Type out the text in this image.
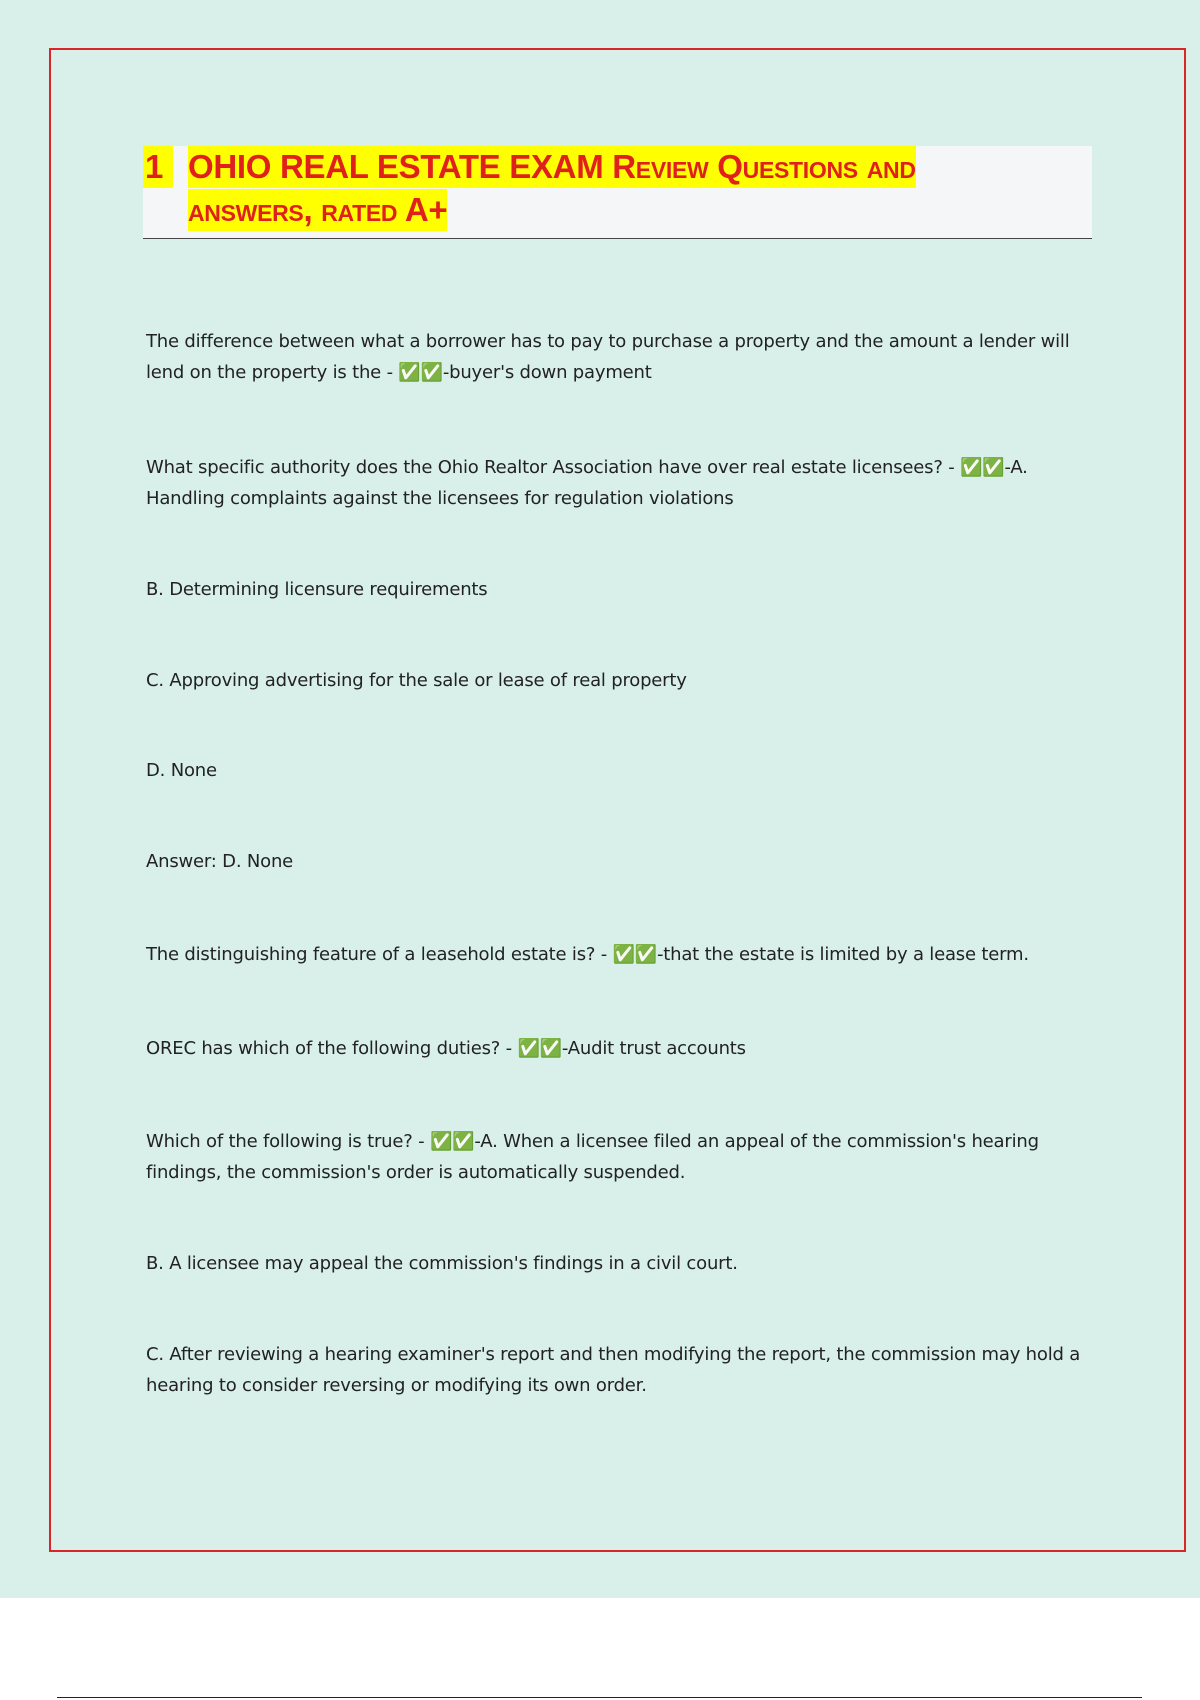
1 OHIO REAL ESTATE EXAM Review Questions and
answers, rated A+

The difference between what a borrower has to pay to purchase a property and the amount a lender will lend on the property is the - ✅✅-buyer's down payment

What specific authority does the Ohio Realtor Association have over real estate licensees? - ✅✅-A. Handling complaints against the licensees for regulation violations

B. Determining licensure requirements

C. Approving advertising for the sale or lease of real property

D. None

Answer: D. None

The distinguishing feature of a leasehold estate is? - ✅✅-that the estate is limited by a lease term.

OREC has which of the following duties? - ✅✅-Audit trust accounts

Which of the following is true? - ✅✅-A. When a licensee filed an appeal of the commission's hearing findings, the commission's order is automatically suspended.

B. A licensee may appeal the commission's findings in a civil court.

C. After reviewing a hearing examiner's report and then modifying the report, the commission may hold a hearing to consider reversing or modifying its own order.
